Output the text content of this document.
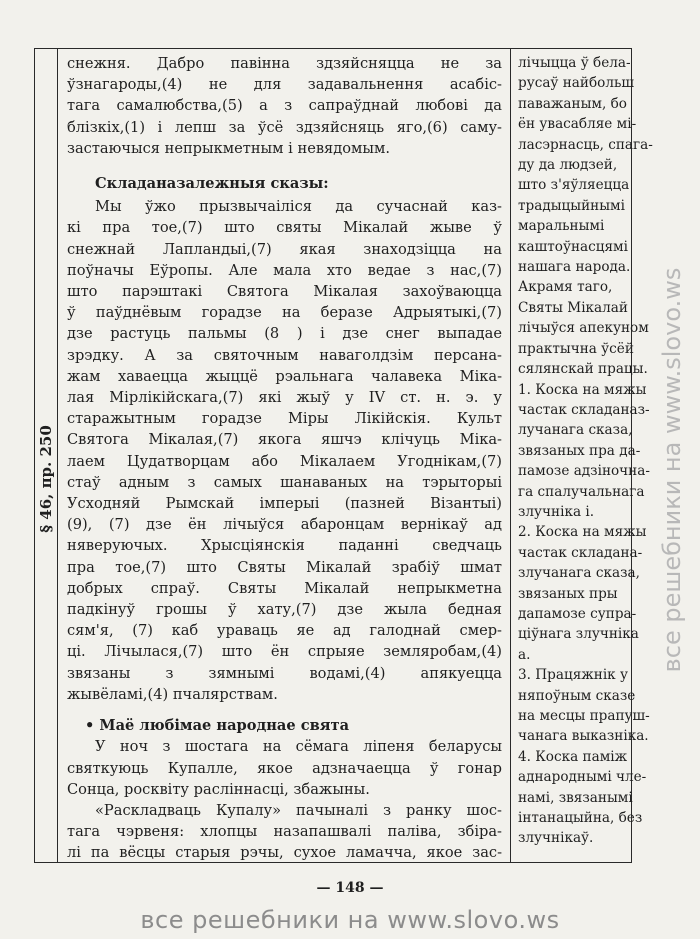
§ 46, пр. 250
снежня. Дабро павінна здзяйсняцца не за
ўзнагароды,(4) не для задавальнення асабіс-
тага самалюбства,(5) а з сапраўднай любові да
блізкіх,(1) і лепш за ўсё здзяйсняць яго,(6) саму-
застаючыся непрыкметным і невядомым.
Складаназалежныя сказы:
Мы ўжо прызвычаіліся да сучаснай каз-
кі пра тое,(7) што святы Мікалай жыве ў
снежнай Лапландыі,(7) якая знаходзіцца на
поўначы Еўропы. Але мала хто ведае з нас,(7)
што парэштакі Святога Мікалая захоўваюцца
ў паўднёвым горадзе на беразе Адрыятыкі,(7)
дзе растуць пальмы (8 ) і дзе снег выпадае
зрэдку. А за святочным наваголдзім персана-
жам хаваецца жыццё рэальнага чалавека Мікa-
лая Мірлікійскага,(7) які жыў у IV ст. н. э. у
старажытным горадзе Міры Лікійскія. Культ
Святога Мікалая,(7) якога яшчэ клічуць Міка-
лаем Цудатворцам або Мікалаем Угоднікам,(7)
стаў адным з самых шанаваных на тэрыторыі
Усходняй Рымскай імперыі (пазней Візантыі)
(9), (7) дзе ён лічыўся абаронцам вернікаў ад
няверуючых. Хрысціянскія паданні сведчаць
пра тое,(7) што Святы Мікалай зрабіў шмат
добрых спраў. Святы Мікалай непрыкметна
падкінуў грошы ў хату,(7) дзе жыла бедная
сям'я, (7) каб ураваць яе ад галоднай смер-
ці. Лічылася,(7) што ён спрыяе землярoбам,(4)
звязаны з зямнымі водамі,(4) апякуецца
жывёламі,(4) пчалярствам.
• Маё любімае народнае свята
У ноч з шостага на сёмага ліпеня беларусы
святкуюць Купалле, якое адзначаецца ў гонар
Сонца, росквіту раслiннасці, збажыны.
«Раскладваць Купалу» пачыналі з ранку шос-
тага чэрвеня: хлопцы назапашвалі паліва, збіра-
лі па вёсцы старыя рэчы, сухое ламачча, якое зас-
лічыцца ў бела-
русаў найбольш
паважаным, бо
ён увасабляе мі-
ласэрнасць, спага-
ду да людзей,
што з'яўляецца
традыцыйнымі
маральнымі
каштоўнасцямі
нашага народа.
Акрамя таго,
Святы Мікалай
лічыўся апекуном
практычна ўсёй
сялянскай працы.
1. Коска на мяжы
частак складаназ-
лучанага сказа,
звязаных пра да-
памозе адзіночна-
га спалучальнага
злучніка і.
2. Коска на мяжы
частак складана-
злучанага сказа,
звязаных пры
дапамозе супра-
ціўнага злучніка
а.
3. Працяжнік у
няпоўным сказе
на месцы прапуш-
чанага выказніка.
4. Коска паміж
аднароднымі чле-
намі, звязанымі
інтанацыйна, без
злучнікаў.
— 148 —
все решебники на www.slovo.ws
все решебники на www.slovo.ws
